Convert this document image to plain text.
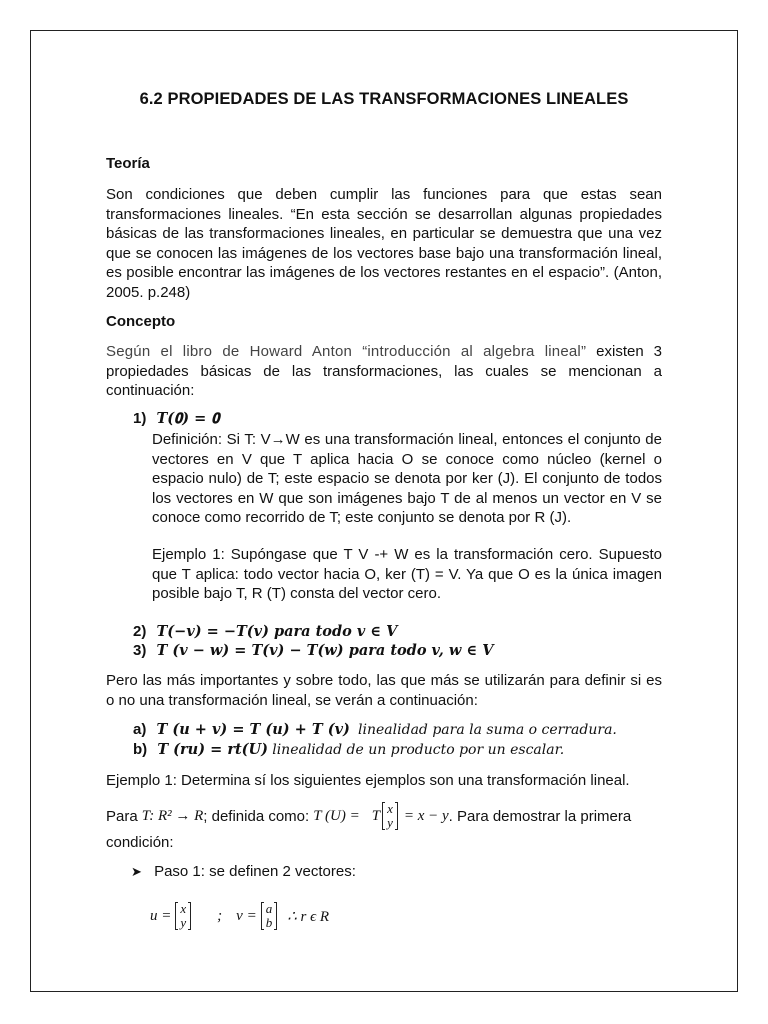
6.2 PROPIEDADES DE LAS TRANSFORMACIONES LINEALES
Teoría

Son condiciones que deben cumplir las funciones para que estas sean transformaciones lineales. “En esta sección se desarrollan algunas propiedades básicas de las transformaciones lineales, en particular se demuestra que una vez que se conocen las imágenes de los vectores base bajo una transformación lineal, es posible encontrar las imágenes de los vectores restantes en el espacio”. (Anton, 2005. p.248)

Concepto

Según el libro de Howard Anton “introducción al algebra lineal” existen 3 propiedades básicas de las transformaciones, las cuales se mencionan a continuación:

1) T(𝟎) = 𝟎

Definición: Si T: V→W es una transformación lineal, entonces el conjunto de vectores en V que T aplica hacia O se conoce como núcleo (kernel o espacio nulo) de T; este espacio se denota por ker (J). El conjunto de todos los vectores en W que son imágenes bajo T de al menos un vector en V se conoce como recorrido de T; este conjunto se denota por R (J).

Ejemplo 1: Supóngase que T V -+ W es la transformación cero. Supuesto que T aplica: todo vector hacia O, ker (T) = V. Ya que O es la única imagen posible bajo T, R (T) consta del vector cero.

2) T(−v) = −T(v) para todo v ∈ V
3) T (v − w) = T(v) − T(w) para todo v, w ∈ V

Pero las más importantes y sobre todo, las que más se utilizarán para definir si es o no una transformación lineal, se verán a continuación:

a) T (u + v) = T (u) + T (v) linealidad para la suma o cerradura.
b) T (ru) = rt(U) linealidad de un producto por un escalar.

Ejemplo 1: Determina sí los siguientes ejemplos son una transformación lineal.

Para T: R² → R ; definida como: T (U) = T x
y = x − y . Para demostrar la primera
condición:
➤ Paso 1: se definen 2 vectores:
u = x
y ; v = a
b ∴ r ϵ R
